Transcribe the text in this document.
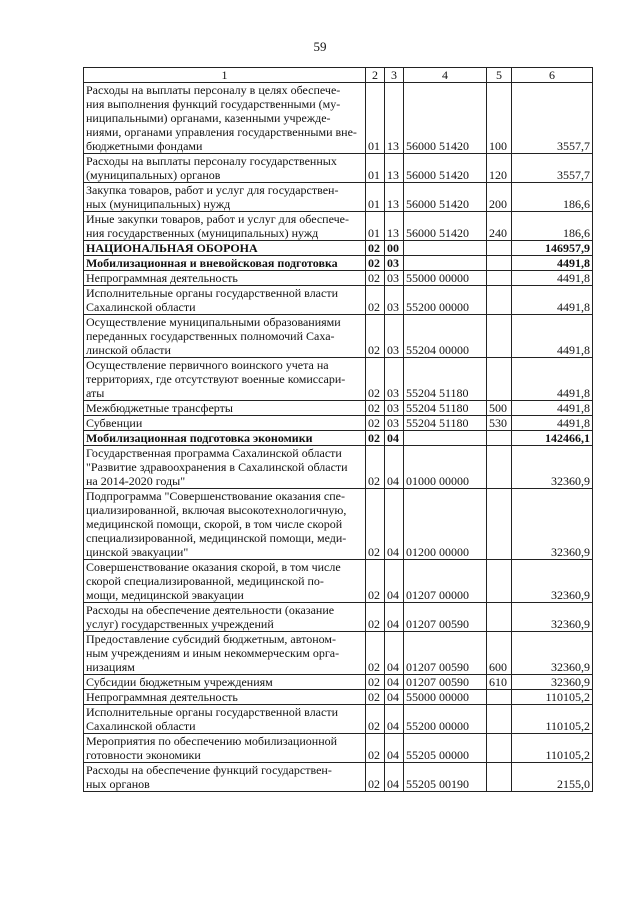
59
1	2	3	4	5	6
Расходы на выплаты персоналу в целях обеспече-
ния выполнения функций государственными (му-
ниципальными) органами, казенными учрежде-
ниями, органами управления государственными вне-
бюджетными фондами	01	13	56000 51420	100	3557,7
Расходы на выплаты персоналу государственных
(муниципальных) органов	01	13	56000 51420	120	3557,7
Закупка товаров, работ и услуг для государствен-
ных (муниципальных) нужд	01	13	56000 51420	200	186,6
Иные закупки товаров, работ и услуг для обеспече-
ния государственных (муниципальных) нужд	01	13	56000 51420	240	186,6
НАЦИОНАЛЬНАЯ ОБОРОНА	02	00			146957,9
Мобилизационная и вневойсковая подготовка	02	03			4491,8
Непрограммная деятельность	02	03	55000 00000		4491,8
Исполнительные органы государственной власти
Сахалинской области	02	03	55200 00000		4491,8
Осуществление муниципальными образованиями
переданных государственных полномочий Саха-
линской области	02	03	55204 00000		4491,8
Осуществление первичного воинского учета на
территориях, где отсутствуют военные комиссари-
аты	02	03	55204 51180		4491,8
Межбюджетные трансферты	02	03	55204 51180	500	4491,8
Субвенции	02	03	55204 51180	530	4491,8
Мобилизационная подготовка экономики	02	04			142466,1
Государственная программа Сахалинской области
"Развитие здравоохранения в Сахалинской области
на 2014-2020 годы"	02	04	01000 00000		32360,9
Подпрограмма "Совершенствование оказания спе-
циализированной, включая высокотехнологичную,
медицинской помощи, скорой, в том числе скорой
специализированной, медицинской помощи, меди-
цинской эвакуации"	02	04	01200 00000		32360,9
Совершенствование оказания скорой, в том числе
скорой специализированной, медицинской по-
мощи, медицинской эвакуации	02	04	01207 00000		32360,9
Расходы на обеспечение деятельности (оказание
услуг) государственных учреждений	02	04	01207 00590		32360,9
Предоставление субсидий бюджетным, автоном-
ным учреждениям и иным некоммерческим орга-
низациям	02	04	01207 00590	600	32360,9
Субсидии бюджетным учреждениям	02	04	01207 00590	610	32360,9
Непрограммная деятельность	02	04	55000 00000		110105,2
Исполнительные органы государственной власти
Сахалинской области	02	04	55200 00000		110105,2
Мероприятия по обеспечению мобилизационной
готовности экономики	02	04	55205 00000		110105,2
Расходы на обеспечение функций государствен-
ных органов	02	04	55205 00190		2155,0
